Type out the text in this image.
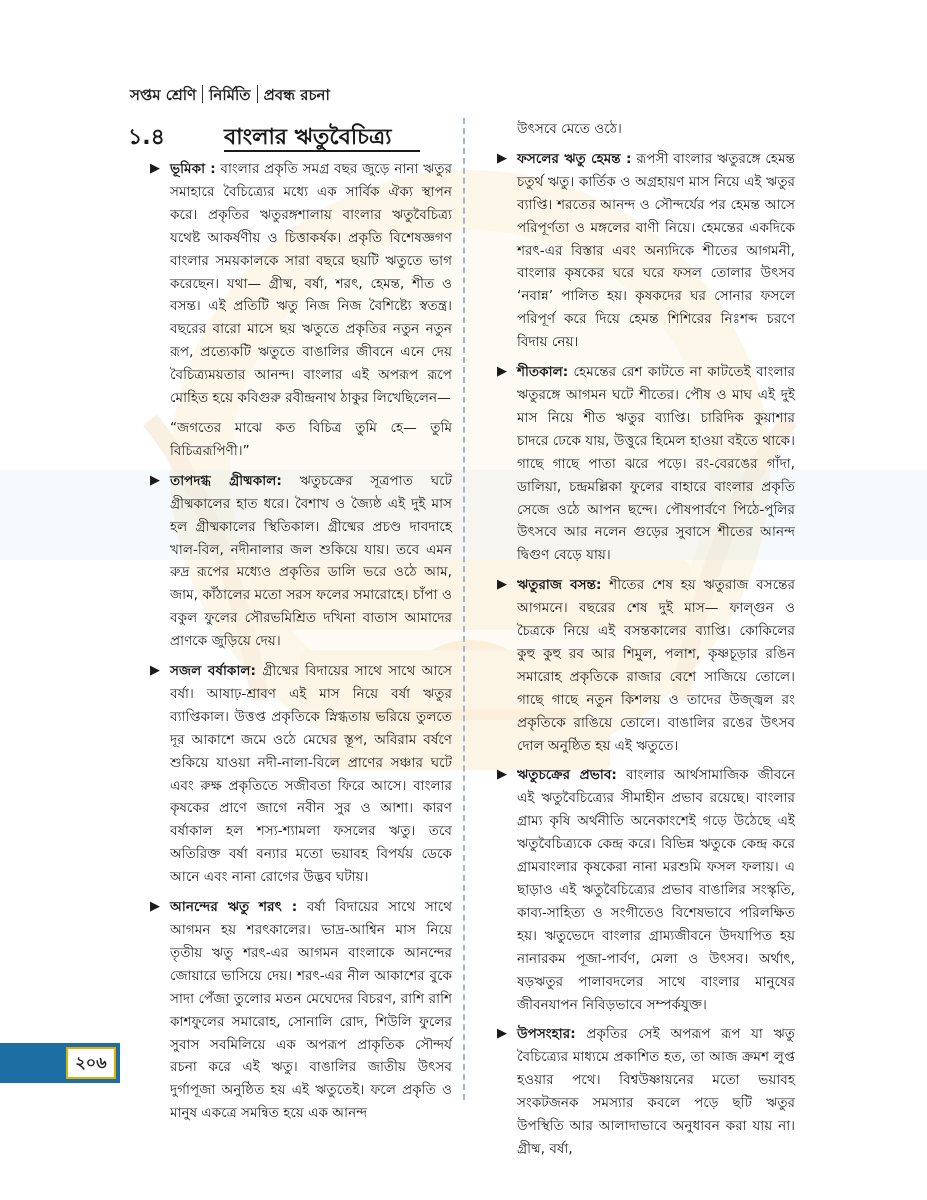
সপ্তম শ্রেণি নির্মিতি প্রবন্ধ রচনা
১.৪	বাংলার ঋতুবৈচিত্র্য

▶ ভূমিকা : বাংলার প্রকৃতি সমগ্র বছর জুড়ে নানা ঋতুর সমাহারে বৈচিত্র্যের মধ্যে এক সার্বিক ঐক্য স্থাপন করে। প্রকৃতির ঋতুরঙ্গশালায় বাংলার ঋতুবৈচিত্র্য যথেষ্ট আকর্ষণীয় ও চিত্তাকর্ষক। প্রকৃতি বিশেষজ্ঞগণ বাংলার সময়কালকে সারা বছরে ছয়টি ঋতুতে ভাগ করেছেন। যথা— গ্রীষ্ম, বর্ষা, শরৎ, হেমন্ত, শীত ও বসন্ত। এই প্রতিটি ঋতু নিজ নিজ বৈশিষ্ট্যে স্বতন্ত্র। বছরের বারো মাসে ছয় ঋতুতে প্রকৃতির নতুন নতুন রূপ, প্রত্যেকটি ঋতুতে বাঙালির জীবনে এনে দেয় বৈচিত্র্যময়তার আনন্দ। বাংলার এই অপরূপ রূপে মোহিত হয়ে কবিগুরু রবীন্দ্রনাথ ঠাকুর লিখেছিলেন—

“জগতের মাঝে কত বিচিত্র তুমি হে— তুমি বিচিত্ররূপিণী।”

▶ তাপদগ্ধ গ্রীষ্মকাল: ঋতুচক্রের সূত্রপাত ঘটে গ্রীষ্মকালের হাত ধরে। বৈশাখ ও জ্যৈষ্ঠ এই দুই মাস হল গ্রীষ্মকালের স্থিতিকাল। গ্রীষ্মের প্রচণ্ড দাবদাহে খাল-বিল, নদীনালার জল শুকিয়ে যায়। তবে এমন রুদ্র রূপের মধ্যেও প্রকৃতির ডালি ভরে ওঠে আম, জাম, কাঁঠালের মতো সরস ফলের সমারোহে। চাঁপা ও বকুল ফুলের সৌরভমিশ্রিত দখিনা বাতাস আমাদের প্রাণকে জুড়িয়ে দেয়।

▶ সজল বর্ষাকাল: গ্রীষ্মের বিদায়ের সাথে সাথে আসে বর্ষা। আষাঢ়-শ্রাবণ এই মাস নিয়ে বর্ষা ঋতুর ব্যাপ্তিকাল। উত্তপ্ত প্রকৃতিকে স্নিগ্ধতায় ভরিয়ে তুলতে দূর আকাশে জমে ওঠে মেঘের স্তূপ, অবিরাম বর্ষণে শুকিয়ে যাওয়া নদী-নালা-বিলে প্রাণের সঞ্চার ঘটে এবং রুক্ষ প্রকৃতিতে সজীবতা ফিরে আসে। বাংলার কৃষকের প্রাণে জাগে নবীন সুর ও আশা। কারণ বর্ষাকাল হল শস্য-শ্যামলা ফসলের ঋতু। তবে অতিরিক্ত বর্ষা বন্যার মতো ভয়াবহ বিপর্যয় ডেকে আনে এবং নানা রোগের উদ্ভব ঘটায়।

▶ আনন্দের ঋতু শরৎ : বর্ষা বিদায়ের সাথে সাথে আগমন হয় শরৎকালের। ভাদ্র-আশ্বিন মাস নিয়ে তৃতীয় ঋতু শরৎ-এর আগমন বাংলাকে আনন্দের জোয়ারে ভাসিয়ে দেয়। শরৎ-এর নীল আকাশের বুকে সাদা পেঁজা তুলোর মতন মেঘেদের বিচরণ, রাশি রাশি কাশফুলের সমারোহ, সোনালি রোদ, শিউলি ফুলের সুবাস সবমিলিয়ে এক অপরূপ প্রাকৃতিক সৌন্দর্য রচনা করে এই ঋতু। বাঙালির জাতীয় উৎসব দুর্গাপূজা অনুষ্ঠিত হয় এই ঋতুতেই। ফলে প্রকৃতি ও মানুষ একত্রে সমন্বিত হয়ে এক আনন্দ

উৎসবে মেতে ওঠে।

▶ ফসলের ঋতু হেমন্ত : রূপসী বাংলার ঋতুরঙ্গে হেমন্ত চতুর্থ ঋতু। কার্তিক ও অগ্রহায়ণ মাস নিয়ে এই ঋতুর ব্যাপ্তি। শরতের আনন্দ ও সৌন্দর্যের পর হেমন্ত আসে পরিপূর্ণতা ও মঙ্গলের বাণী নিয়ে। হেমন্তের একদিকে শরৎ-এর বিস্তার এবং অন্যদিকে শীতের আগমনী, বাংলার কৃষকের ঘরে ঘরে ফসল তোলার উৎসব ‘নবান্ন’ পালিত হয়। কৃষকদের ঘর সোনার ফসলে পরিপূর্ণ করে দিয়ে হেমন্ত শিশিরের নিঃশব্দ চরণে বিদায় নেয়।

▶ শীতকাল: হেমন্তের রেশ কাটতে না কাটতেই বাংলার ঋতুরঙ্গে আগমন ঘটে শীতের। পৌষ ও মাঘ এই দুই মাস নিয়ে শীত ঋতুর ব্যাপ্তি। চারিদিক কুয়াশার চাদরে ঢেকে যায়, উত্তুরে হিমেল হাওয়া বইতে থাকে। গাছে গাছে পাতা ঝরে পড়ে। রং-বেরঙের গাঁদা, ডালিয়া, চন্দ্রমল্লিকা ফুলের বাহারে বাংলার প্রকৃতি সেজে ওঠে আপন ছন্দে। পৌষপার্বণে পিঠে-পুলির উৎসবে আর নলেন গুড়ের সুবাসে শীতের আনন্দ দ্বিগুণ বেড়ে যায়।

▶ ঋতুরাজ বসন্ত: শীতের শেষ হয় ঋতুরাজ বসন্তের আগমনে। বছরের শেষ দুই মাস— ফাল্গুন ও চৈত্রকে নিয়ে এই বসন্তকালের ব্যাপ্তি। কোকিলের কুহু কুহু রব আর শিমুল, পলাশ, কৃষ্ণচূড়ার রঙিন সমারোহ প্রকৃতিকে রাজার বেশে সাজিয়ে তোলে। গাছে গাছে নতুন কিশলয় ও তাদের উজ্জ্বল রং প্রকৃতিকে রাঙিয়ে তোলে। বাঙালির রঙের উৎসব দোল অনুষ্ঠিত হয় এই ঋতুতে।

▶ ঋতুচক্রের প্রভাব: বাংলার আর্থসামাজিক জীবনে এই ঋতুবৈচিত্র্যের সীমাহীন প্রভাব রয়েছে। বাংলার গ্রাম্য কৃষি অর্থনীতি অনেকাংশেই গড়ে উঠেছে এই ঋতুবৈচিত্র্যকে কেন্দ্র করে। বিভিন্ন ঋতুকে কেন্দ্র করে গ্রামবাংলার কৃষকেরা নানা মরশুমি ফসল ফলায়। এ ছাড়াও এই ঋতুবৈচিত্র্যের প্রভাব বাঙালির সংস্কৃতি, কাব্য-সাহিত্য ও সংগীতেও বিশেষভাবে পরিলক্ষিত হয়। ঋতুভেদে বাংলার গ্রাম্যজীবনে উদযাপিত হয় নানারকম পূজা-পার্বণ, মেলা ও উৎসব। অর্থাৎ, ষড়ঋতুর পালাবদলের সাথে বাংলার মানুষের জীবনযাপন নিবিড়ভাবে সম্পর্কযুক্ত।

▶ উপসংহার: প্রকৃতির সেই অপরূপ রূপ যা ঋতু বৈচিত্র্যের মাধ্যমে প্রকাশিত হত, তা আজ ক্রমশ লুপ্ত হওয়ার পথে। বিশ্বউষ্ণায়নের মতো ভয়াবহ সংকটজনক সমস্যার কবলে পড়ে ছটি ঋতুর উপস্থিতি আর আলাদাভাবে অনুধাবন করা যায় না। গ্রীষ্ম, বর্ষা,

২০৬
